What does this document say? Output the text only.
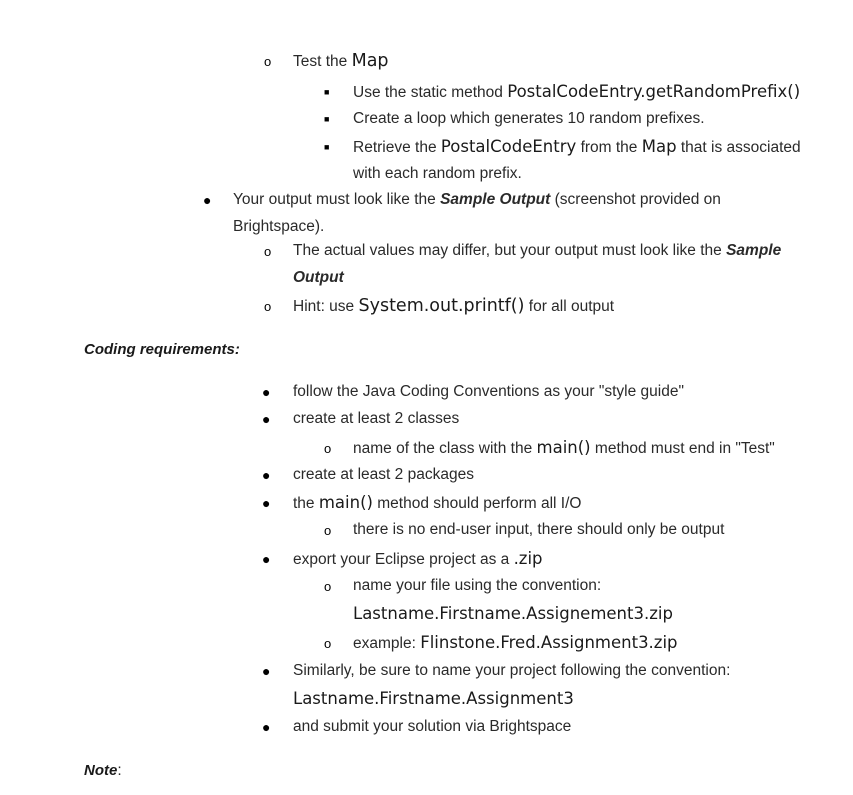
o Test the Map
■ Use the static method PostalCodeEntry.getRandomPrefix()
■ Create a loop which generates 10 random prefixes.
■ Retrieve the PostalCodeEntry from the Map that is associated
with each random prefix.
● Your output must look like the Sample Output (screenshot provided on
Brightspace).
o The actual values may differ, but your output must look like the Sample
Output
o Hint: use System.out.printf() for all output
Coding requirements:
● follow the Java Coding Conventions as your "style guide"
● create at least 2 classes
o name of the class with the main() method must end in "Test"
● create at least 2 packages
● the main() method should perform all I/O
o there is no end-user input, there should only be output
● export your Eclipse project as a .zip
o name your file using the convention:
Lastname.Firstname.Assignement3.zip
o example: Flinstone.Fred.Assignment3.zip
● Similarly, be sure to name your project following the convention:
Lastname.Firstname.Assignment3
● and submit your solution via Brightspace
Note:
